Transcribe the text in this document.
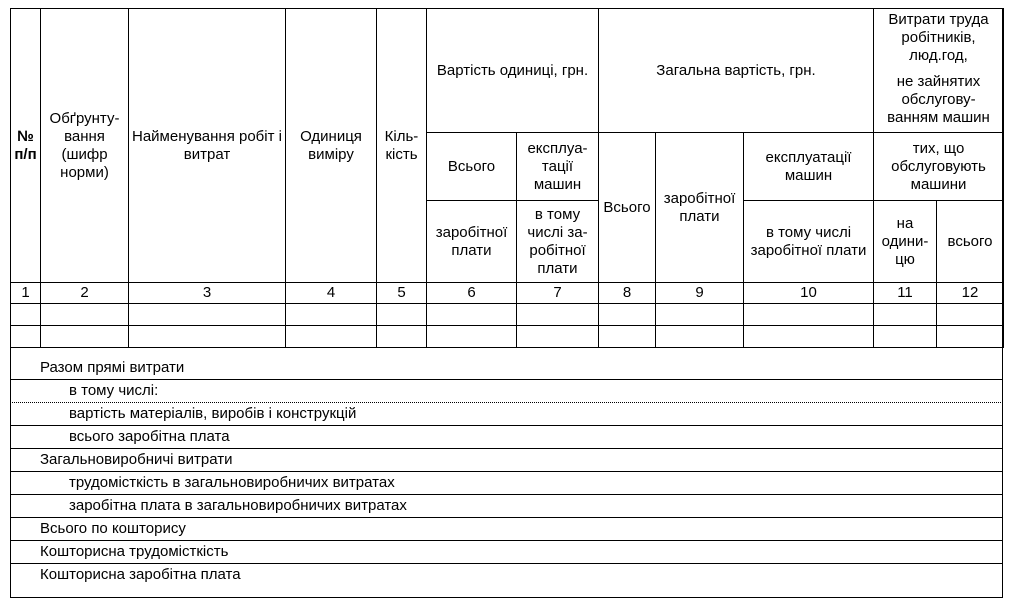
№ п/п	Обґрунту-вання (шифр норми)	Найменування робіт і витрат	Одиниця виміру	Кіль-кість	Вартість одиниці, грн.		Загальна вартість, грн.			Витрати труда робітників, люд.год,
не зайнятих обслугову-ванням машин	

					Всього	експлуа-тації машин	Всього	заробітної плати	експлуатації машин	тих, що обслуговують машини	
					заробітної плати	в тому числі за-робітної плати			в тому числі заробітної плати	на одини-цю	всього
1	2	3	4	5	6	7	8	9	10	11	12

Разом прямі витрати
в тому числі:
вартість матеріалів, виробів і конструкцій
всього заробітна плата
Загальновиробничі витрати
трудомісткість в загальновиробничих витратах
заробітна плата в загальновиробничих витратах
Всього по кошторису
Кошторисна трудомісткість
Кошторисна заробітна плата
